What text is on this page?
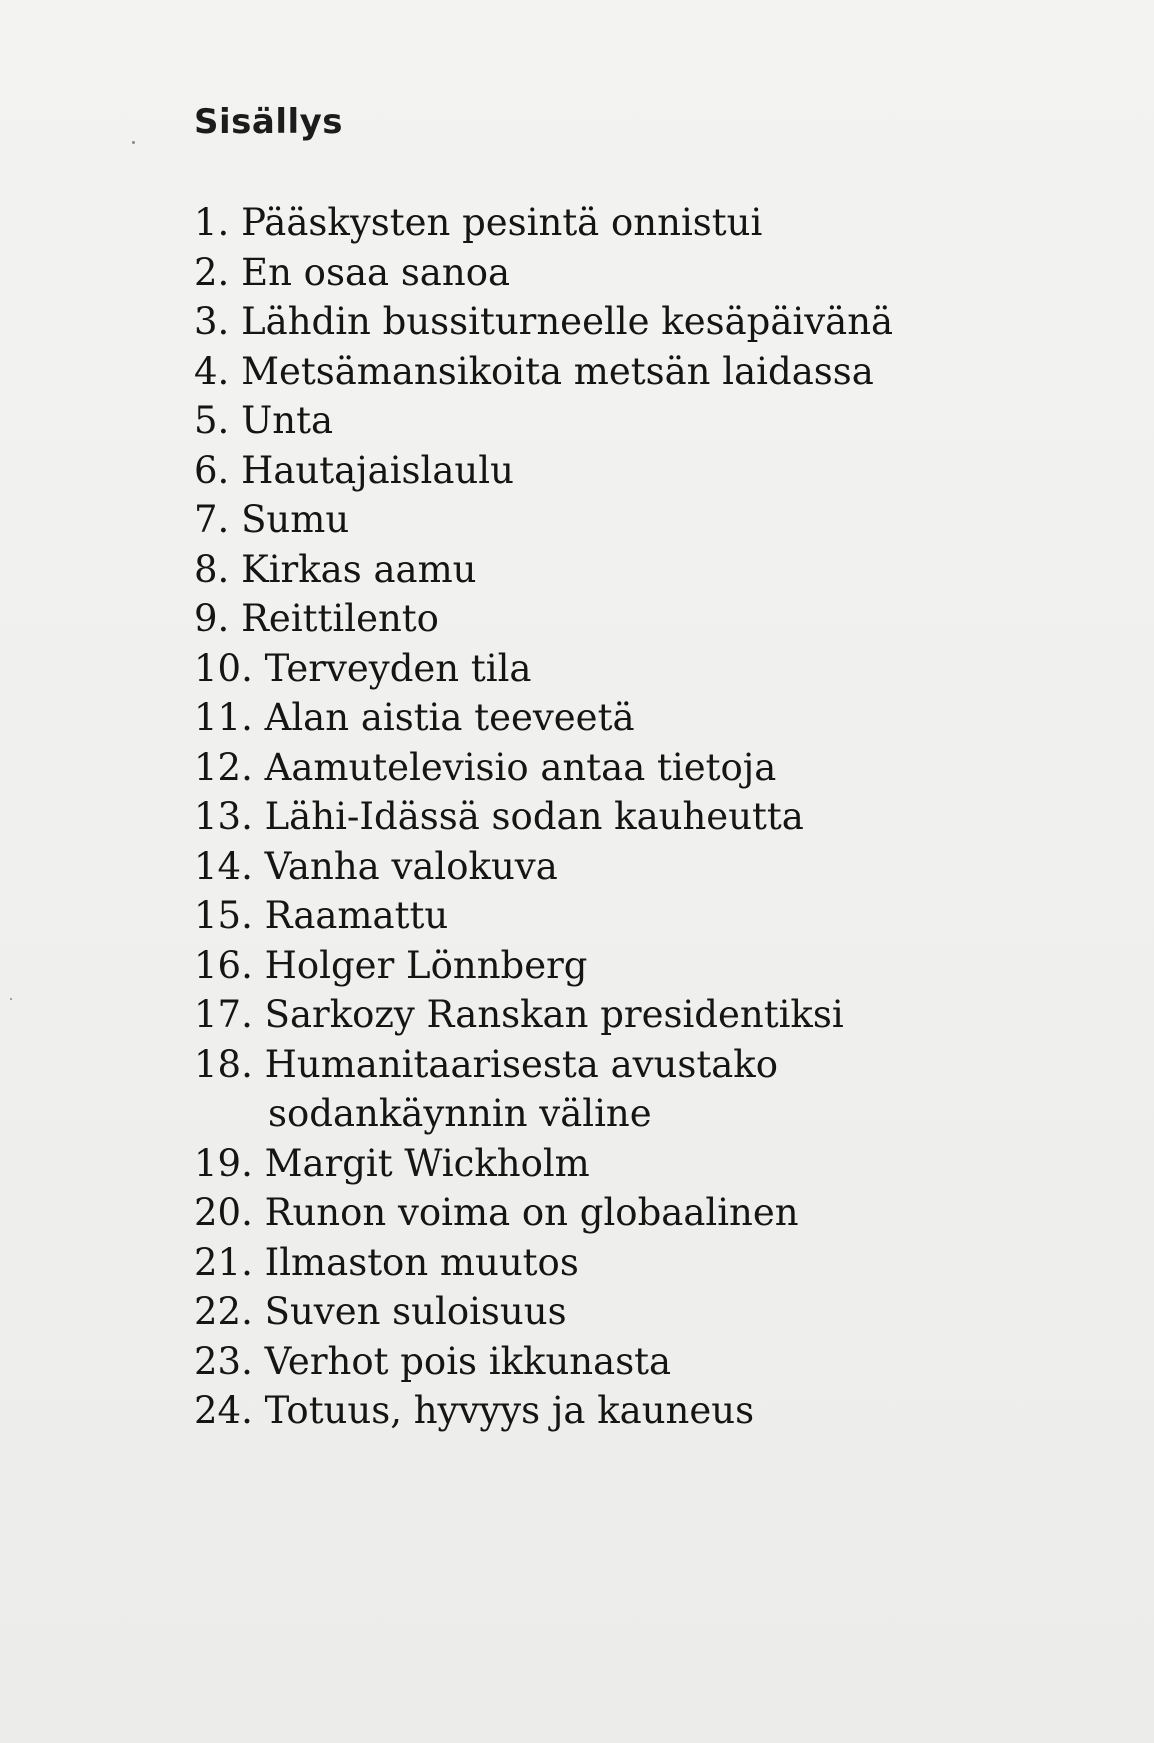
Sisällys
1. Pääskysten pesintä onnistui
2. En osaa sanoa
3. Lähdin bussiturneelle kesäpäivänä
4. Metsämansikoita metsän laidassa
5. Unta
6. Hautajaislaulu
7. Sumu
8. Kirkas aamu
9. Reittilento
10. Terveyden tila
11. Alan aistia teeveetä
12. Aamutelevisio antaa tietoja
13. Lähi-Idässä sodan kauheutta
14. Vanha valokuva
15. Raamattu
16. Holger Lönnberg
17. Sarkozy Ranskan presidentiksi
18. Humanitaarisesta avustako
sodankäynnin väline
19. Margit Wickholm
20. Runon voima on globaalinen
21. Ilmaston muutos
22. Suven suloisuus
23. Verhot pois ikkunasta
24. Totuus, hyvyys ja kauneus
